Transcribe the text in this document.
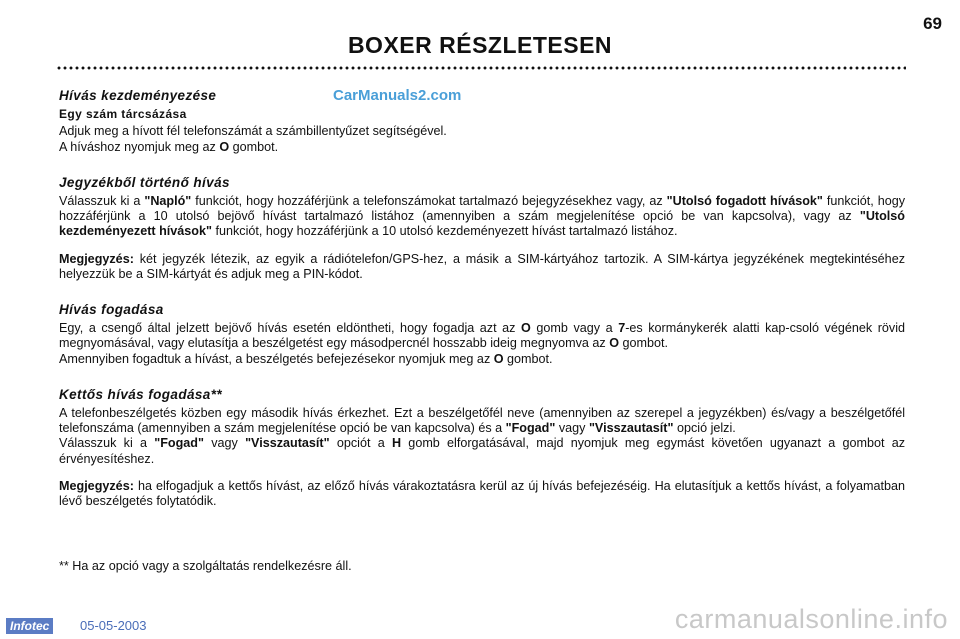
69
BOXER RÉSZLETESEN
CarManuals2.com
Hívás kezdeményezése
Egy szám tárcsázása

Adjuk meg a hívott fél telefonszámát a számbillentyűzet segítségével.

A híváshoz nyomjuk meg az O gombot.

Jegyzékből történő hívás

Válasszuk ki a "Napló" funkciót, hogy hozzáférjünk a telefonszámokat tartalmazó bejegyzésekhez vagy, az "Utolsó fogadott hívások" funkciót, hogy hozzáférjünk a 10 utolsó bejövő hívást tartalmazó listához (amennyiben a szám megjelenítése opció be van kapcsolva), vagy az "Utolsó kezdeményezett hívások" funkciót, hogy hozzáférjünk a 10 utolsó kezdeményezett hívást tartalmazó listához.

Megjegyzés: két jegyzék létezik, az egyik a rádiótelefon/GPS-hez, a másik a SIM-kártyához tartozik. A SIM-kártya jegyzékének megtekintéséhez helyezzük be a SIM-kártyát és adjuk meg a PIN-kódot.

Hívás fogadása

Egy, a csengő által jelzett bejövő hívás esetén eldöntheti, hogy fogadja azt az O gomb vagy a 7-es kormánykerék alatti kap-csoló végének rövid megnyomásával, vagy elutasítja a beszélgetést egy másodpercnél hosszabb ideig megnyomva az O gombot.

Amennyiben fogadtuk a hívást, a beszélgetés befejezésekor nyomjuk meg az O gombot.

Kettős hívás fogadása**

A telefonbeszélgetés közben egy második hívás érkezhet. Ezt a beszélgetőfél neve (amennyiben az szerepel a jegyzékben) és/vagy a beszélgetőfél telefonszáma (amennyiben a szám megjelenítése opció be van kapcsolva) és a "Fogad" vagy "Visszautasít" opció jelzi.

Válasszuk ki a "Fogad" vagy "Visszautasít" opciót a H gomb elforgatásával, majd nyomjuk meg egymást követően ugyanazt a gombot az érvényesítéshez.

Megjegyzés: ha elfogadjuk a kettős hívást, az előző hívás várakoztatásra kerül az új hívás befejezéséig. Ha elutasítjuk a kettős hívást, a folyamatban lévő beszélgetés folytatódik.

** Ha az opció vagy a szolgáltatás rendelkezésre áll.

Infotec	05-05-2003	carmanualsonline.info
